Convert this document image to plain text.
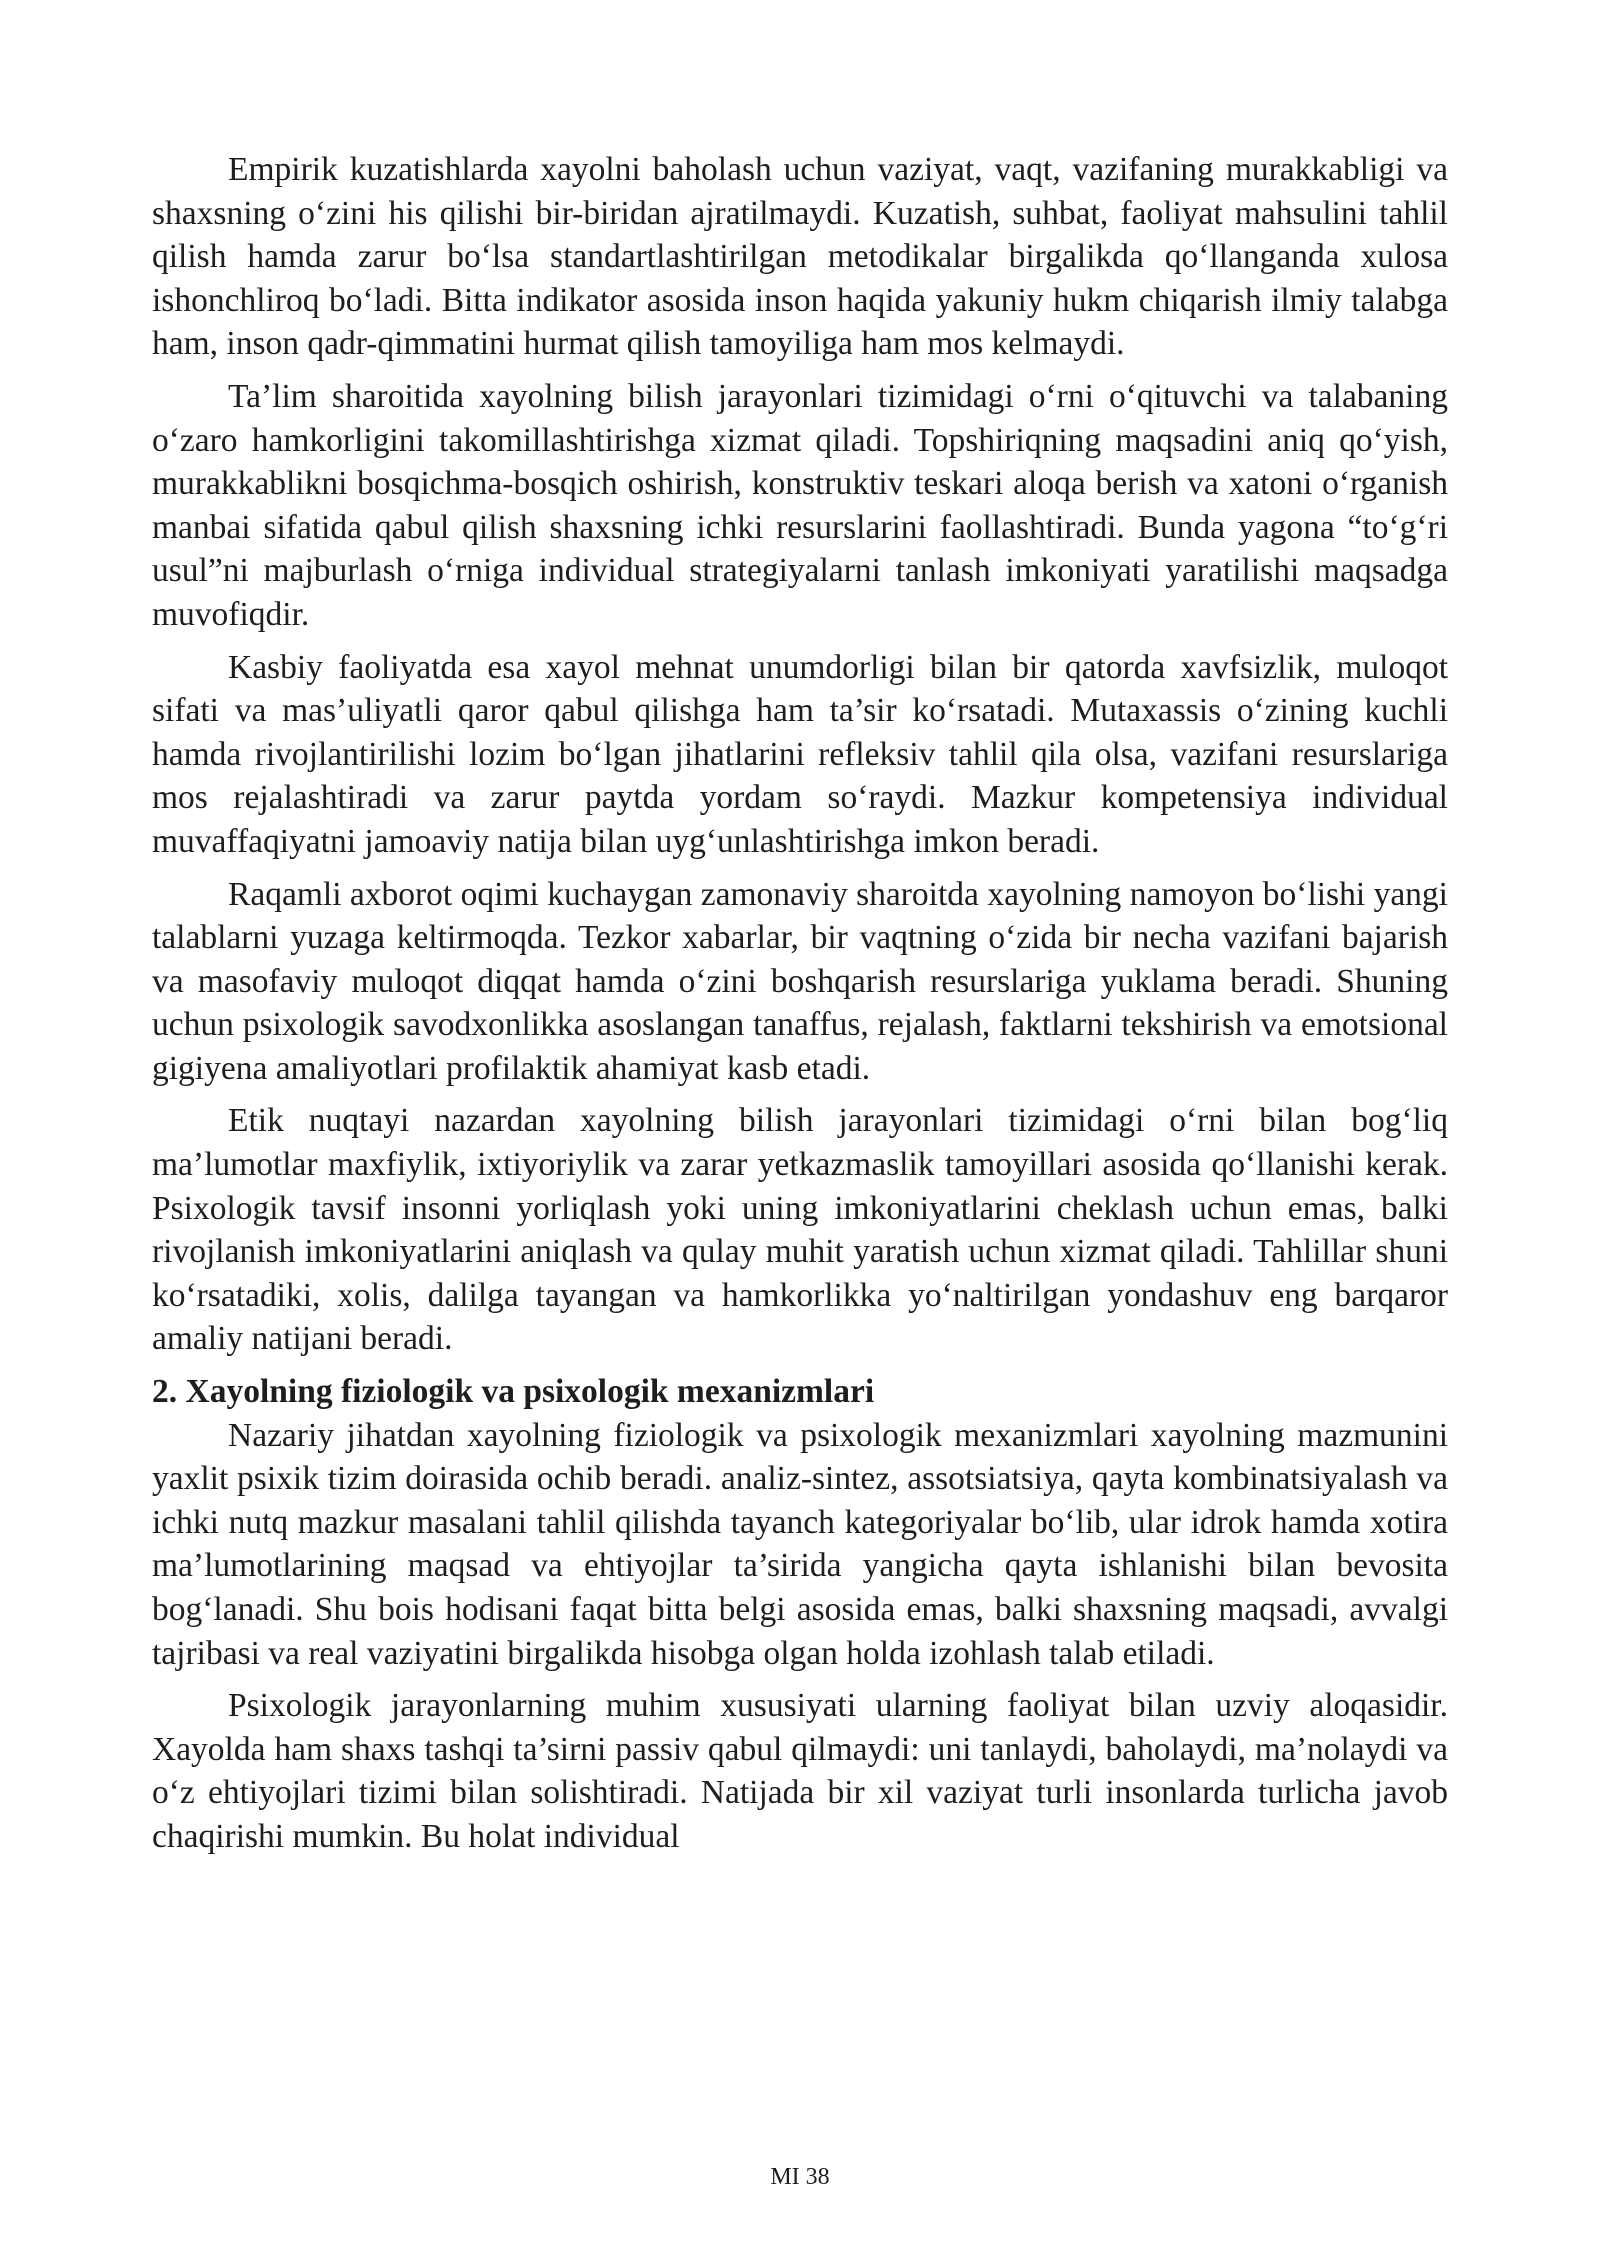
Empirik kuzatishlarda xayolni baholash uchun vaziyat, vaqt, vazifaning murakkabligi va shaxsning o‘zini his qilishi bir-biridan ajratilmaydi. Kuzatish, suhbat, faoliyat mahsulini tahlil qilish hamda zarur bo‘lsa standartlashtirilgan metodikalar birgalikda qo‘llanganda xulosa ishonchliroq bo‘ladi. Bitta indikator asosida inson haqida yakuniy hukm chiqarish ilmiy talabga ham, inson qadr-qimmatini hurmat qilish tamoyiliga ham mos kelmaydi.

Ta’lim sharoitida xayolning bilish jarayonlari tizimidagi o‘rni o‘qituvchi va talabaning o‘zaro hamkorligini takomillashtirishga xizmat qiladi. Topshiriqning maqsadini aniq qo‘yish, murakkablikni bosqichma-bosqich oshirish, konstruktiv teskari aloqa berish va xatoni o‘rganish manbai sifatida qabul qilish shaxsning ichki resurslarini faollashtiradi. Bunda yagona “to‘g‘ri usul”ni majburlash o‘rniga individual strategiyalarni tanlash imkoniyati yaratilishi maqsadga muvofiqdir.

Kasbiy faoliyatda esa xayol mehnat unumdorligi bilan bir qatorda xavfsizlik, muloqot sifati va mas’uliyatli qaror qabul qilishga ham ta’sir ko‘rsatadi. Mutaxassis o‘zining kuchli hamda rivojlantirilishi lozim bo‘lgan jihatlarini refleksiv tahlil qila olsa, vazifani resurslariga mos rejalashtiradi va zarur paytda yordam so‘raydi. Mazkur kompetensiya individual muvaffaqiyatni jamoaviy natija bilan uyg‘unlashtirishga imkon beradi.

Raqamli axborot oqimi kuchaygan zamonaviy sharoitda xayolning namoyon bo‘lishi yangi talablarni yuzaga keltirmoqda. Tezkor xabarlar, bir vaqtning o‘zida bir necha vazifani bajarish va masofaviy muloqot diqqat hamda o‘zini boshqarish resurslariga yuklama beradi. Shuning uchun psixologik savodxonlikka asoslangan tanaffus, rejalash, faktlarni tekshirish va emotsional gigiyena amaliyotlari profilaktik ahamiyat kasb etadi.

Etik nuqtayi nazardan xayolning bilish jarayonlari tizimidagi o‘rni bilan bog‘liq ma’lumotlar maxfiylik, ixtiyoriylik va zarar yetkazmaslik tamoyillari asosida qo‘llanishi kerak. Psixologik tavsif insonni yorliqlash yoki uning imkoniyatlarini cheklash uchun emas, balki rivojlanish imkoniyatlarini aniqlash va qulay muhit yaratish uchun xizmat qiladi. Tahlillar shuni ko‘rsatadiki, xolis, dalilga tayangan va hamkorlikka yo‘naltirilgan yondashuv eng barqaror amaliy natijani beradi.

2. Xayolning fiziologik va psixologik mexanizmlari

Nazariy jihatdan xayolning fiziologik va psixologik mexanizmlari xayolning mazmunini yaxlit psixik tizim doirasida ochib beradi. analiz-sintez, assotsiatsiya, qayta kombinatsiyalash va ichki nutq mazkur masalani tahlil qilishda tayanch kategoriyalar bo‘lib, ular idrok hamda xotira ma’lumotlarining maqsad va ehtiyojlar ta’sirida yangicha qayta ishlanishi bilan bevosita bog‘lanadi. Shu bois hodisani faqat bitta belgi asosida emas, balki shaxsning maqsadi, avvalgi tajribasi va real vaziyatini birgalikda hisobga olgan holda izohlash talab etiladi.

Psixologik jarayonlarning muhim xususiyati ularning faoliyat bilan uzviy aloqasidir. Xayolda ham shaxs tashqi ta’sirni passiv qabul qilmaydi: uni tanlaydi, baholaydi, ma’nolaydi va o‘z ehtiyojlari tizimi bilan solishtiradi. Natijada bir xil vaziyat turli insonlarda turlicha javob chaqirishi mumkin. Bu holat individual

MI 38
